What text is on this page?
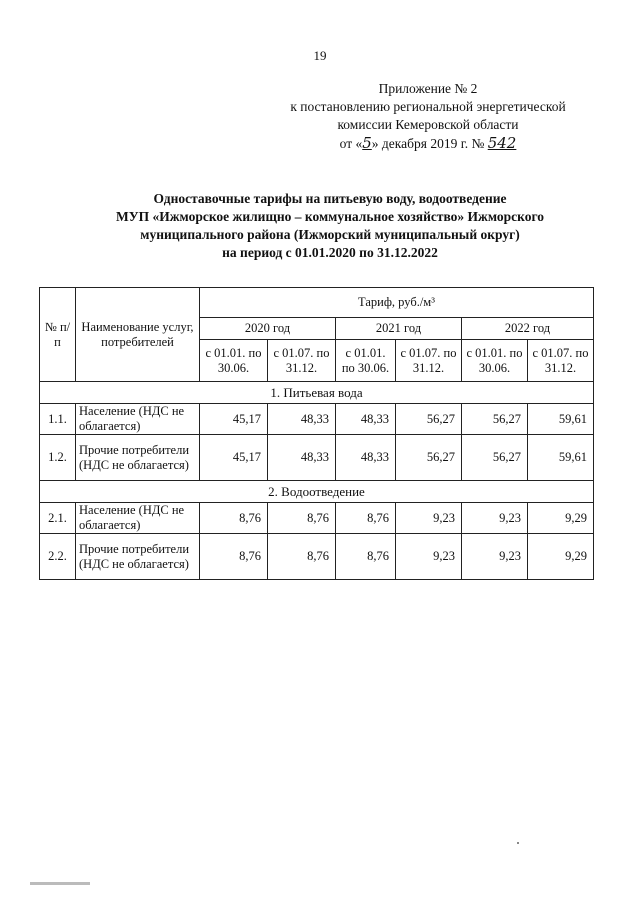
19
Приложение № 2
к постановлению региональной энергетической
комиссии Кемеровской области
от «5» декабря 2019 г. № 542
Одноставочные тарифы на питьевую воду, водоотведение
МУП «Ижморское жилищно – коммунальное хозяйство» Ижморского
муниципального района (Ижморский муниципальный округ)
на период с 01.01.2020 по 31.12.2022
№ п/п	Наименование услуг, потребителей	Тариф, руб./м³					
		2020 год		2021 год		2022 год	
		с 01.01. по 30.06.	с 01.07. по 31.12.	с 01.01. по 30.06.	с 01.07. по 31.12.	с 01.01. по 30.06.	с 01.07. по 31.12.
1. Питьевая вода							
1.1.	Население (НДС не облагается)	45,17	48,33	48,33	56,27	56,27	59,61
1.2.	Прочие потребители (НДС не облагается)	45,17	48,33	48,33	56,27	56,27	59,61
2. Водоотведение							
2.1.	Население (НДС не облагается)	8,76	8,76	8,76	9,23	9,23	9,29
2.2.	Прочие потребители (НДС не облагается)	8,76	8,76	8,76	9,23	9,23	9,29
